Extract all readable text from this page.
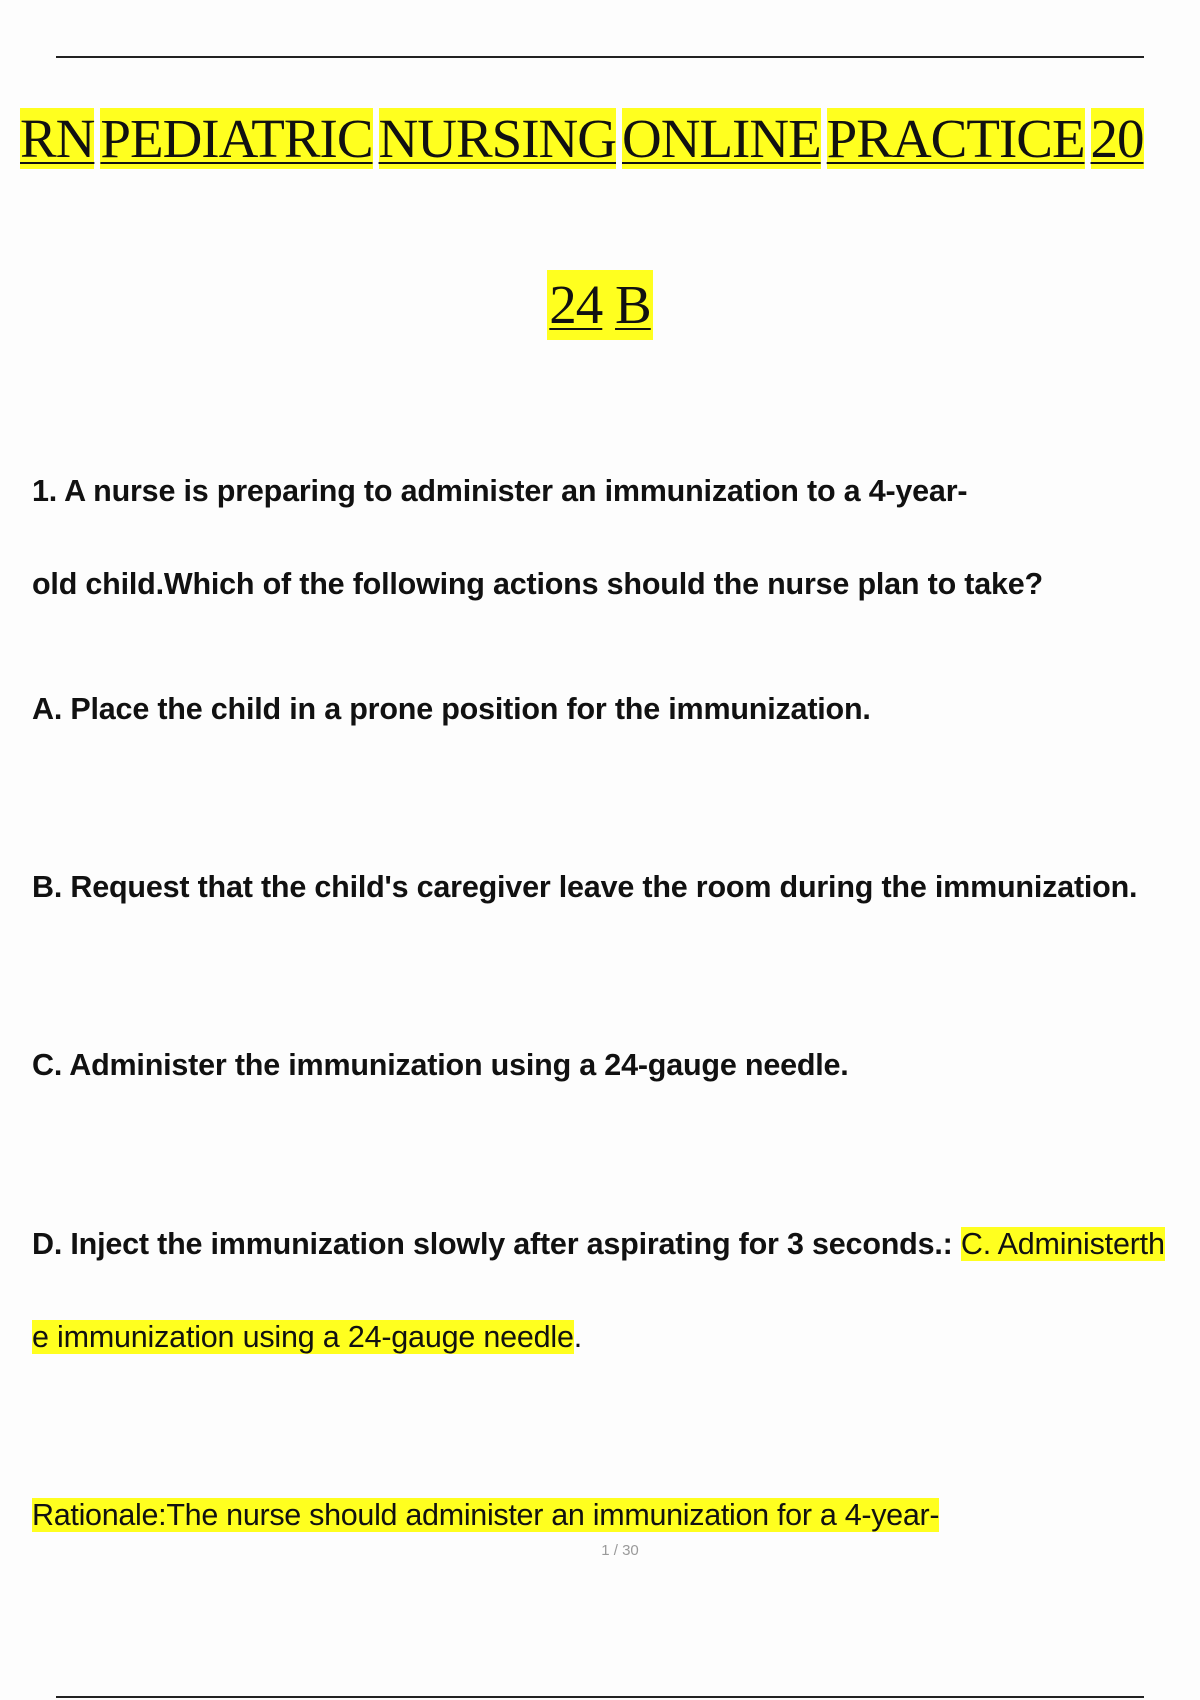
RN PEDIATRIC NURSING ONLINE PRACTICE 20
24 B
1. A nurse is preparing to administer an immunization to a 4-year-
old child.Which of the following actions should the nurse plan to take?
A. Place the child in a prone position for the immunization.
B. Request that the child's caregiver leave the room during the immunization.
C. Administer the immunization using a 24-gauge needle.
D. Inject the immunization slowly after aspirating for 3 seconds.: C. Administerth
e immunization using a 24-gauge needle.
Rationale:The nurse should administer an immunization for a 4-year-
1 / 30
